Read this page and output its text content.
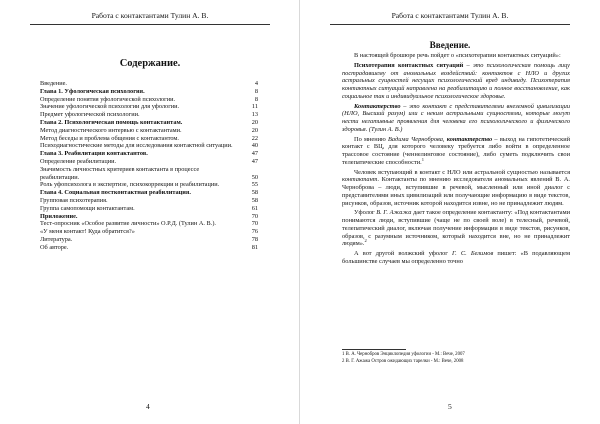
Работа с контактантами Тулин А. В.
Содержание.
Введение.	4
Глава 1. Уфологическая психология.	8
Определение понятия уфологической психологии.	8
Значение уфологической психологии для уфологии.	11
Предмет уфологической психологии.	13
Глава 2. Психологическая помощь контактантам.	20
Метод диагностического интервью с контактантами.	20
Метод беседы и проблема общения с контактантом.	22
Психодиагностические методы для исследования контактной ситуации.	40
Глава 3. Реабилитация контактантов.	47
Определение реабилитации.	47
Значимость личностных критериев контактанта в процессе реабилитации.	50
Роль уфопсихолога в экспертизе, психокоррекции и реабилитации.	55
Глава 4. Социальная постконтактная реабилитация.	58
Групповая психотерапия.	58
Группа самопомощи контактантам.	61
Приложение.	70
Тест-опросник «Особое развитие личности» О.Р.Д. (Тулин А. В.).	70
«У меня контакт! Куда обратится?»	76
Литература.	78
Об авторе.	81
4
Работа с контактантами Тулин А. В.
5
Введение.

В настоящей брошюре речь пойдет о «психотерапии контактных ситуаций»:

Психотерапия контактных ситуаций – это психологическая помощь лицу пострадавшему от аномальных воздействий: контактов с НЛО и других астральных сущностей несущих психологический вред индивиду. Психотерапия контактных ситуаций направлена на реабилитацию и полное восстановление, как социальное так и индивидуальное психологическое здоровье.

Контактерство – это контакт с представителями внеземной цивилизации (НЛО, Высший разум) или с неким астральными сущностями, которые могут нести негативные проявления для человека его психологического и физического здоровья. (Тулин А. В.)

По мнению Вадима Черноброва, контактерство – выход на гипотетический контакт с ВЦ, для которого человеку требуется либо войти в определенное трассовое состояние (ченнелинговое состояние), либо суметь подключить свои телепатические способности.$^1$

Человек вступающий в контакт с НЛО или астральной сущностью называется контактант. Контактанты по мнению исследователя аномальных явлений В. А. Черноброва – люди, вступившие в речевой, мысленный или иной диалог с представителями иных цивилизаций или получающие информацию в виде текстов, рисунков, образов, источник которой находится извне, но не принадлежит людям.

Уфолог В. Г. Ажажа дает такое определение контактанту: «Под контактантами понимаются люди, вступившие (чаще не по своей воле) в телесный, речевой, телепатический диалог, включая получение информации в виде текстов, рисунков, образов, с разумным источником, который находится вне, но не принадлежит людям».$^2$

А вот другой волжский уфолог Г. С. Белимов пишет: «В подавляющем большинстве случаев мы определенно точно

1 В. А. Чернобров Энциклопедия уфологии - М.: Вече, 2007
2 В. Г. Ажажа Остров ожидающих тарелки - М.: Вече, 2008
